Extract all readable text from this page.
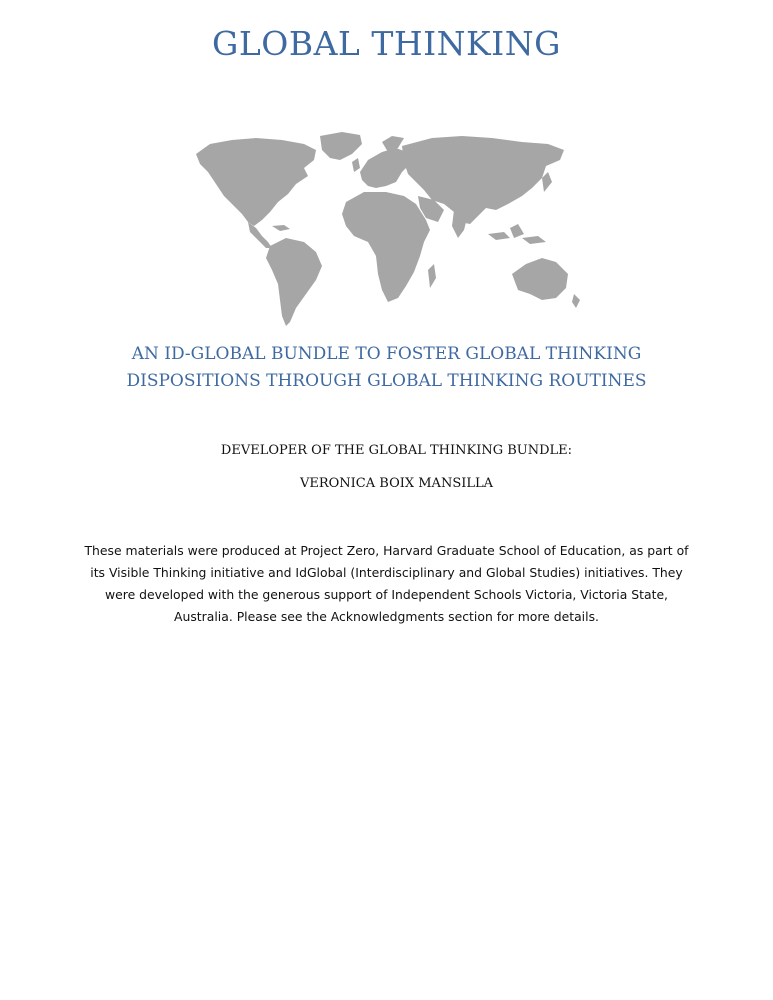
GLOBAL THINKING
AN ID-GLOBAL BUNDLE TO FOSTER GLOBAL THINKING
DISPOSITIONS THROUGH GLOBAL THINKING ROUTINES
DEVELOPER OF THE GLOBAL THINKING BUNDLE:
VERONICA BOIX MANSILLA

These materials were produced at Project Zero, Harvard Graduate School of Education, as part of
its Visible Thinking initiative and IdGlobal (Interdisciplinary and Global Studies) initiatives. They
were developed with the generous support of Independent Schools Victoria, Victoria State,
Australia. Please see the Acknowledgments section for more details.
